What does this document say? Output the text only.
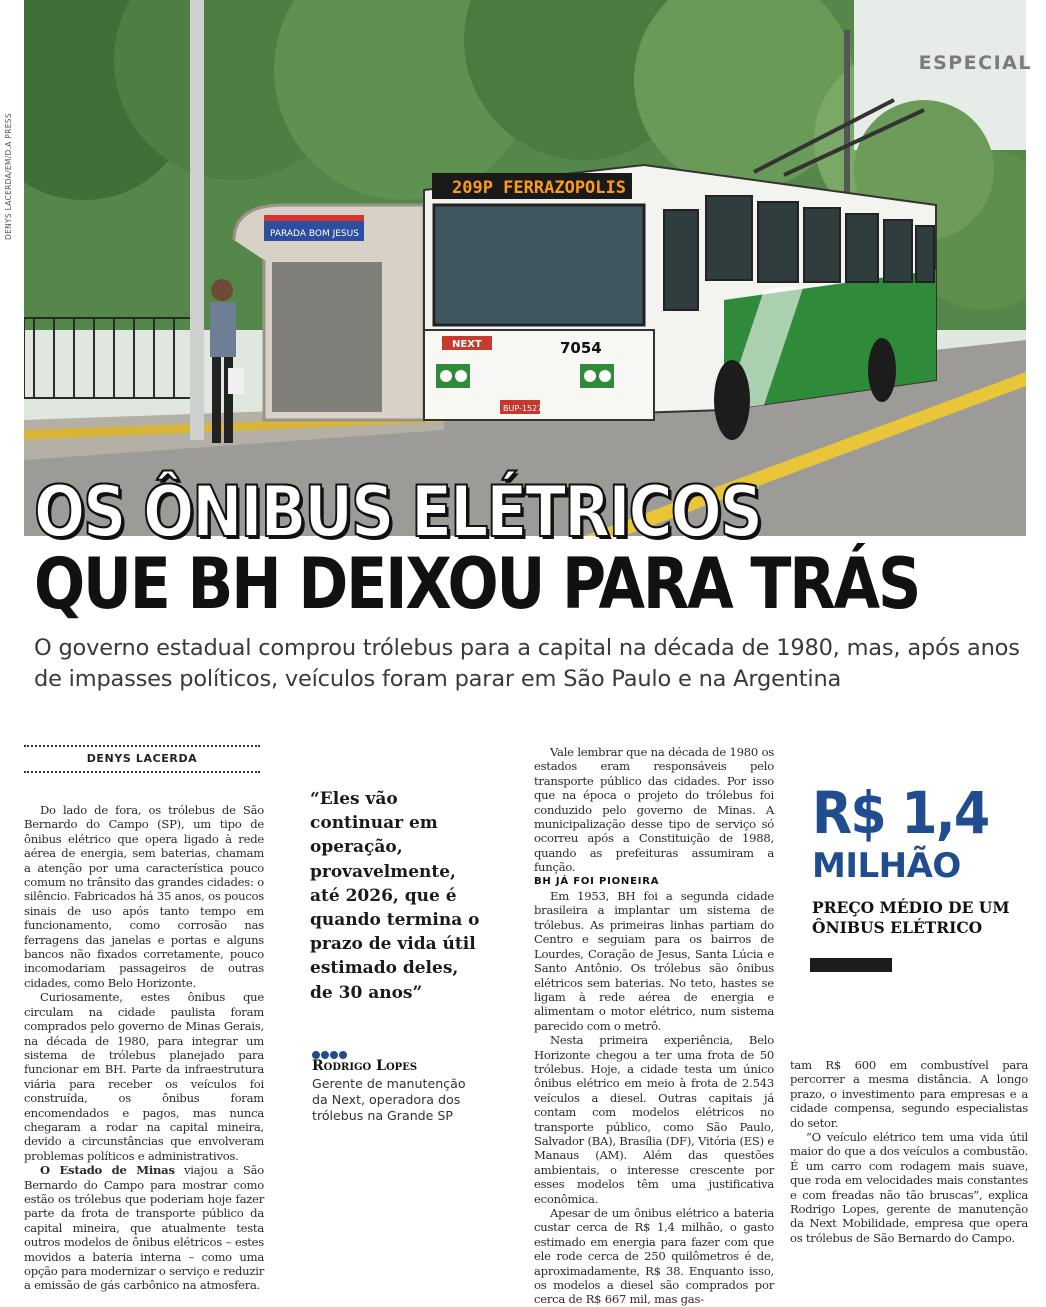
PARADA BOM JESUS
209P FERRAZOPOLIS
NEXT	7054
BUP-1527
DENYS LACERDA/EM/D.A PRESS
ESPECIAL
OS ÔNIBUS ELÉTRICOS
QUE BH DEIXOU PARA TRÁS
O governo estadual comprou trólebus para a capital na década de 1980, mas, após anos de impasses políticos, veículos foram parar em São Paulo e na Argentina
DENYS LACERDA

Do lado de fora, os trólebus de São Bernardo do Campo (SP), um tipo de ônibus elétrico que opera ligado à rede aérea de energia, sem baterias, chamam a atenção por uma característica pouco comum no trânsito das grandes cidades: o silêncio. Fabricados há 35 anos, os poucos sinais de uso após tanto tempo em funcionamento, como corrosão nas ferragens das janelas e portas e alguns bancos não fixados corretamente, pouco incomodariam passageiros de outras cidades, como Belo Horizonte.

Curiosamente, estes ônibus que circulam na cidade paulista foram comprados pelo governo de Minas Gerais, na década de 1980, para integrar um sistema de trólebus planejado para funcionar em BH. Parte da infraestrutura viária para receber os veículos foi construída, os ônibus foram encomendados e pagos, mas nunca chegaram a rodar na capital mineira, devido a circunstâncias que envolveram problemas políticos e administrativos.

O Estado de Minas viajou a São Bernardo do Campo para mostrar como estão os trólebus que poderiam hoje fazer parte da frota de transporte público da capital mineira, que atualmente testa outros modelos de ônibus elétricos – estes movidos a bateria interna – como uma opção para modernizar o serviço e reduzir a emissão de gás carbônico na atmosfera.

“Eles vão continuar em operação, provavelmente, até 2026, que é quando termina o prazo de vida útil estimado deles, de 30 anos”
Rodrigo Lopes
Gerente de manutenção da Next, operadora dos trólebus na Grande SP

Vale lembrar que na década de 1980 os estados eram responsáveis pelo transporte público das cidades. Por isso que na época o projeto do trólebus foi conduzido pelo governo de Minas. A municipalização desse tipo de serviço só ocorreu após a Constituição de 1988, quando as prefeituras assumiram a função.

BH JÁ FOI PIONEIRA

Em 1953, BH foi a segunda cidade brasileira a implantar um sistema de trólebus. As primeiras linhas partiam do Centro e seguiam para os bairros de Lourdes, Coração de Jesus, Santa Lúcia e Santo Antônio. Os trólebus são ônibus elétricos sem baterias. No teto, hastes se ligam à rede aérea de energia e alimentam o motor elétrico, num sistema parecido com o metrô.

Nesta primeira experiência, Belo Horizonte chegou a ter uma frota de 50 trólebus. Hoje, a cidade testa um único ônibus elétrico em meio à frota de 2.543 veículos a diesel. Outras capitais já contam com modelos elétricos no transporte público, como São Paulo, Salvador (BA), Brasília (DF), Vitória (ES) e Manaus (AM). Além das questões ambientais, o interesse crescente por esses modelos têm uma justificativa econômica.

Apesar de um ônibus elétrico a bateria custar cerca de R$ 1,4 milhão, o gasto estimado em energia para fazer com que ele rode cerca de 250 quilômetros é de, aproximadamente, R$ 38. Enquanto isso, os modelos a diesel são comprados por cerca de R$ 667 mil, mas gas-

R$ 1,4
MILHÃO
PREÇO MÉDIO DE UM ÔNIBUS ELÉTRICO

tam R$ 600 em combustível para percorrer a mesma distância. A longo prazo, o investimento para empresas e a cidade compensa, segundo especialistas do setor.

“O veículo elétrico tem uma vida útil maior do que a dos veículos a combustão. É um carro com rodagem mais suave, que roda em velocidades mais constantes e com freadas não tão bruscas”, explica Rodrigo Lopes, gerente de manutenção da Next Mobilidade, empresa que opera os trólebus de São Bernardo do Campo.
